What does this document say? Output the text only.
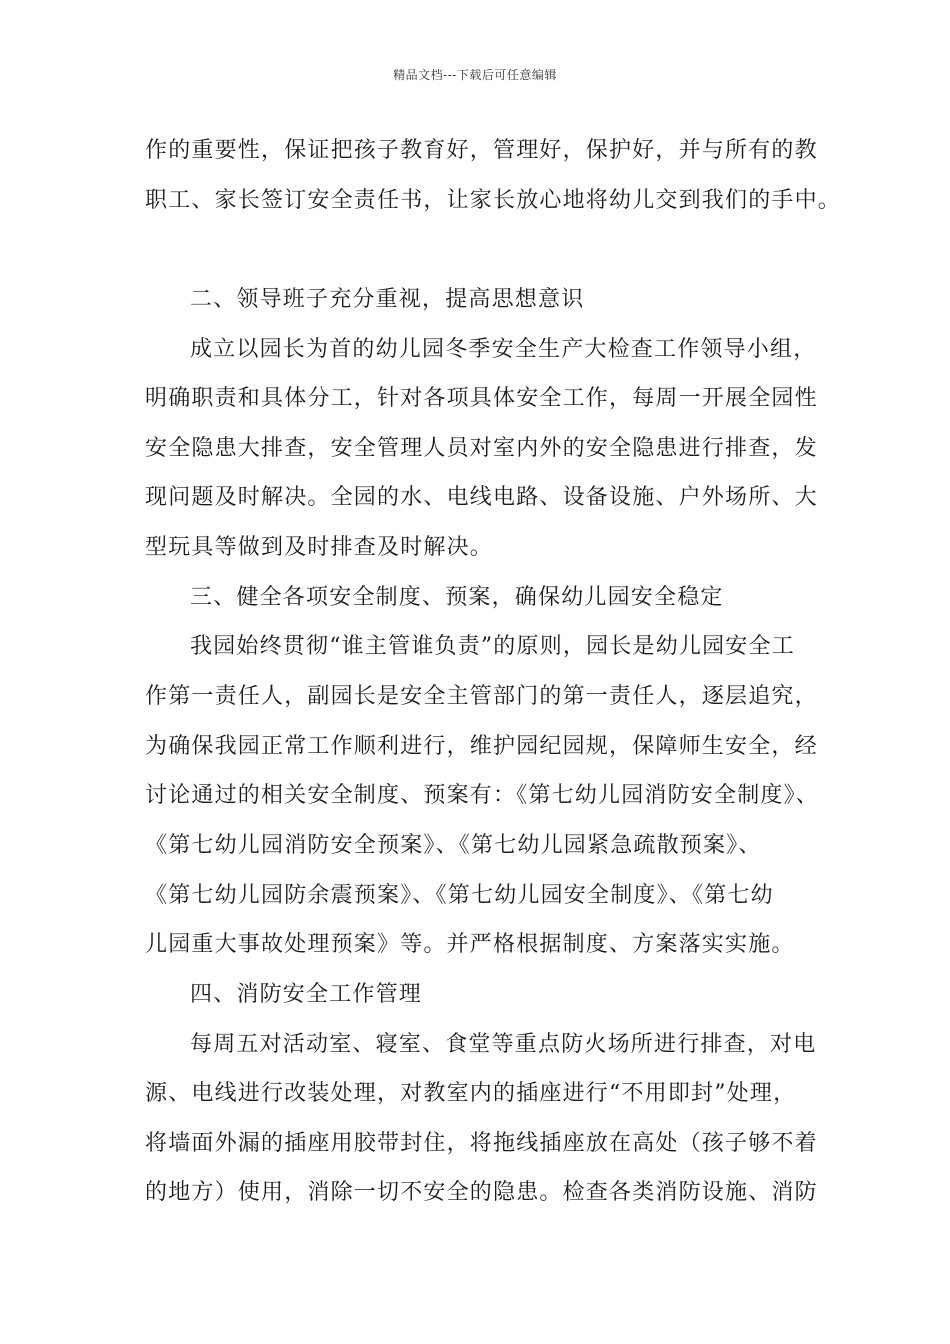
精品文档---下载后可任意编辑
作的重要性，保证把孩子教育好，管理好，保护好，并与所有的教
职工、家长签订安全责任书，让家长放心地将幼儿交到我们的手中。
二、领导班子充分重视，提高思想意识
成立以园长为首的幼儿园冬季安全生产大检查工作领导小组，
明确职责和具体分工，针对各项具体安全工作，每周一开展全园性
安全隐患大排查，安全管理人员对室内外的安全隐患进行排查，发
现问题及时解决。全园的水、电线电路、设备设施、户外场所、大
型玩具等做到及时排查及时解决。
三、健全各项安全制度、预案，确保幼儿园安全稳定
我园始终贯彻“谁主管谁负责”的原则，园长是幼儿园安全工
作第一责任人，副园长是安全主管部门的第一责任人，逐层追究，
为确保我园正常工作顺利进行，维护园纪园规，保障师生安全，经
讨论通过的相关安全制度、预案有：《第七幼儿园消防安全制度》、
《第七幼儿园消防安全预案》、《第七幼儿园紧急疏散预案》、
《第七幼儿园防余震预案》、《第七幼儿园安全制度》、《第七幼
儿园重大事故处理预案》等。并严格根据制度、方案落实实施。
四、消防安全工作管理
每周五对活动室、寝室、食堂等重点防火场所进行排查，对电
源、电线进行改装处理，对教室内的插座进行“不用即封”处理，
将墙面外漏的插座用胶带封住，将拖线插座放在高处（孩子够不着
的地方）使用，消除一切不安全的隐患。检查各类消防设施、消防
